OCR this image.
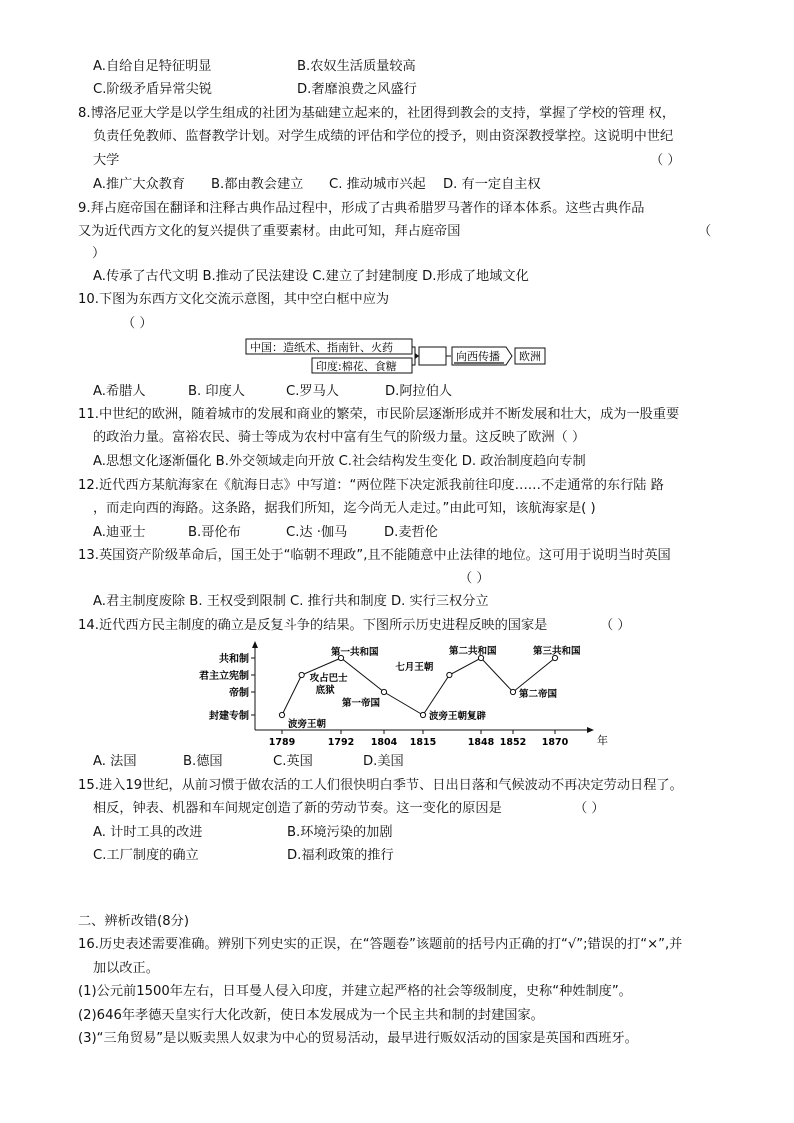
A.自给自足特征明显	B.农奴生活质量较高
C.阶级矛盾异常尖锐	D.奢靡浪费之风盛行
8.博洛尼亚大学是以学生组成的社团为基础建立起来的，社团得到教会的支持，掌握了学校的管理 权，
负责任免教师、监督教学计划。对学生成绩的评估和学位的授予，则由资深教授掌控。这说明中世纪
大学	（ ）
A.推广大众教育 B.都由教会建立 C. 推动城市兴起 D. 有一定自主权
9.拜占庭帝国在翻译和注释古典作品过程中，形成了古典希腊罗马著作的译本体系。这些古典作品
又为近代西方文化的复兴提供了重要素材。由此可知，拜占庭帝国	（
）
A.传承了古代文明 B.推动了民法建设 C.建立了封建制度 D.形成了地域文化
10.下图为东西方文化交流示意图，其中空白框中应为
（ ）
中国：造纸术、指南针、火药
印度:棉花、食糖
向西传播 欧洲
A.希腊人	B. 印度人	C.罗马人	D.阿拉伯人
11.中世纪的欧洲，随着城市的发展和商业的繁荣，市民阶层逐渐形成并不断发展和壮大，成为一股重要
的政治力量。富裕农民、骑士等成为农村中富有生气的阶级力量。这反映了欧洲（ ）
A.思想文化逐渐僵化 B.外交领域走向开放 C.社会结构发生变化 D. 政治制度趋向专制
12.近代西方某航海家在《航海日志》中写道：“两位陛下决定派我前往印度……不走通常的东行陆 路
，而走向西的海路。这条路，据我们所知，迄今尚无人走过。”由此可知，该航海家是( )
A.迪亚士	B.哥伦布	C.达 ·伽马	D.麦哲伦
13.英国资产阶级革命后，国王处于“临朝不理政”,且不能随意中止法律的地位。这可用于说明当时英国
（ ）
A.君主制度废除 B. 王权受到限制 C. 推行共和制度 D. 实行三权分立
14.近代西方民主制度的确立是反复斗争的结果。下图所示历史进程反映的国家是	（ ）
年
封建专制
帝制
君主立宪制
共和制
1789	1792 1804 1815	1848 1852 1870
波旁王朝
攻占巴士
底狱
第一共和国
第一帝国
波旁王朝复辟
七月王朝
第二共和国
第二帝国
第三共和国
A. 法国	B.德国	C.英国	D.美国
15.进入19世纪，从前习惯于做农活的工人们很快明白季节、日出日落和气候波动不再决定劳动日程了。
相反，钟表、机器和车间规定创造了新的劳动节奏。这一变化的原因是	（ ）
A. 计时工具的改进	B.环境污染的加剧
C.工厂制度的确立	D.福利政策的推行
二、辨析改错(8分)
16.历史表述需要准确。辨别下列史实的正误，在“答题卷”该题前的括号内正确的打“√”;错误的打“×”,并
加以改正。
(1)公元前1500年左右，日耳曼人侵入印度，并建立起严格的社会等级制度，史称“种姓制度”。
(2)646年孝德天皇实行大化改新，使日本发展成为一个民主共和制的封建国家。
(3)“三角贸易”是以贩卖黑人奴隶为中心的贸易活动，最早进行贩奴活动的国家是英国和西班牙。
